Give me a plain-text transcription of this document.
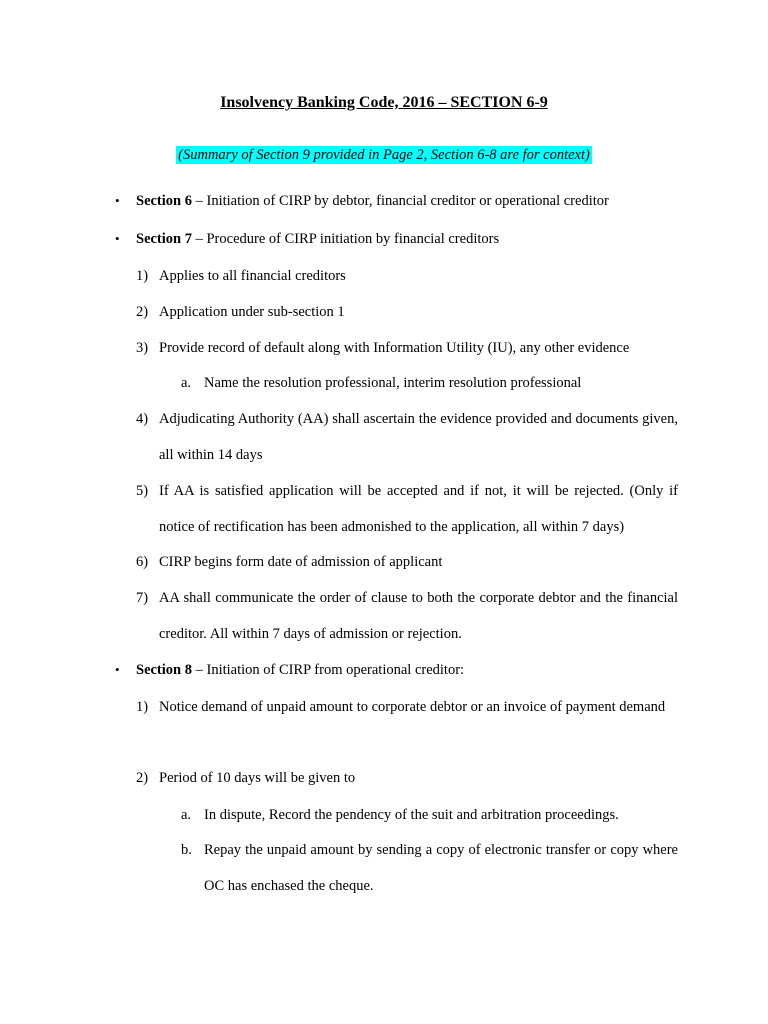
Insolvency Banking Code, 2016 – SECTION 6-9
(Summary of Section 9 provided in Page 2, Section 6-8 are for context)
• Section 6 – Initiation of CIRP by debtor, financial creditor or operational creditor
• Section 7 – Procedure of CIRP initiation by financial creditors
1) Applies to all financial creditors
2) Application under sub-section 1
3) Provide record of default along with Information Utility (IU), any other evidence
a. Name the resolution professional, interim resolution professional
4) Adjudicating Authority (AA) shall ascertain the evidence provided and documents given, all within 14 days
5) If AA is satisfied application will be accepted and if not, it will be rejected. (Only if notice of rectification has been admonished to the application, all within 7 days)
6) CIRP begins form date of admission of applicant
7) AA shall communicate the order of clause to both the corporate debtor and the financial creditor. All within 7 days of admission or rejection.
• Section 8 – Initiation of CIRP from operational creditor:
1) Notice demand of unpaid amount to corporate debtor or an invoice of payment demand
2) Period of 10 days will be given to
a. In dispute, Record the pendency of the suit and arbitration proceedings.
b. Repay the unpaid amount by sending a copy of electronic transfer or copy where OC has enchased the cheque.
